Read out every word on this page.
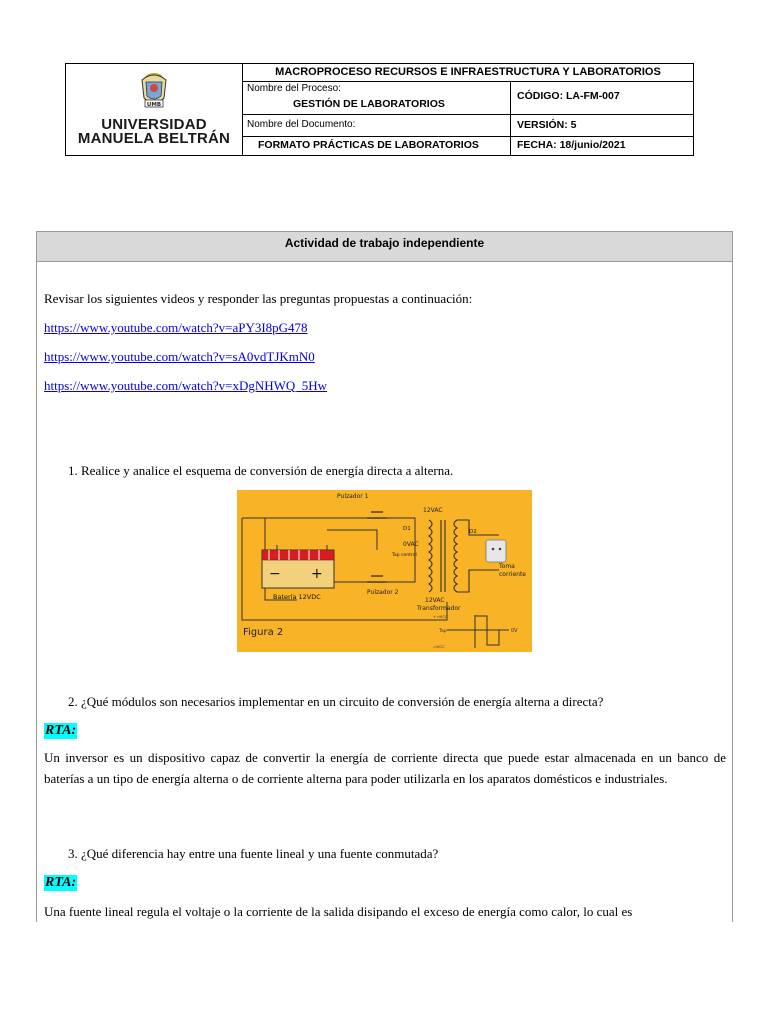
UMB
UNIVERSIDAD
MANUELA BELTRÁN
MACROPROCESO RECURSOS E INFRAESTRUCTURA Y LABORATORIOS
Nombre del Proceso:
GESTIÓN DE LABORATORIOS
CÓDIGO: LA-FM-007
Nombre del Documento:	VERSIÓN: 5
FORMATO PRÁCTICAS DE LABORATORIOS	FECHA: 18/junio/2021
Actividad de trabajo independiente
Revisar los siguientes videos y responder las preguntas propuestas a continuación:
https://www.youtube.com/watch?v=aPY3I8pG478
https://www.youtube.com/watch?v=sA0vdTJKmN0
https://www.youtube.com/watch?v=xDgNHWQ_5Hw
1. Realice y analice el esquema de conversión de energía directa a alterna.
Pulzador 1
Pulzador 2
− +
Batería 12VDC
12VAC
D1	D2
0VAC
Tap central
12VAC
Transformador
Toma
corriente
+ nVCC
Tap	0V
-nVCC
Figura 2
2. ¿Qué módulos son necesarios implementar en un circuito de conversión de energía alterna a directa?
RTA:
Un inversor es un dispositivo capaz de convertir la energía de corriente directa que puede estar almacenada en un banco de baterías a un tipo de energía alterna o de corriente alterna para poder utilizarla en los aparatos domésticos e industriales.
3. ¿Qué diferencia hay entre una fuente lineal y una fuente conmutada?
RTA:
Una fuente lineal regula el voltaje o la corriente de la salida disipando el exceso de energía como calor, lo cual es
